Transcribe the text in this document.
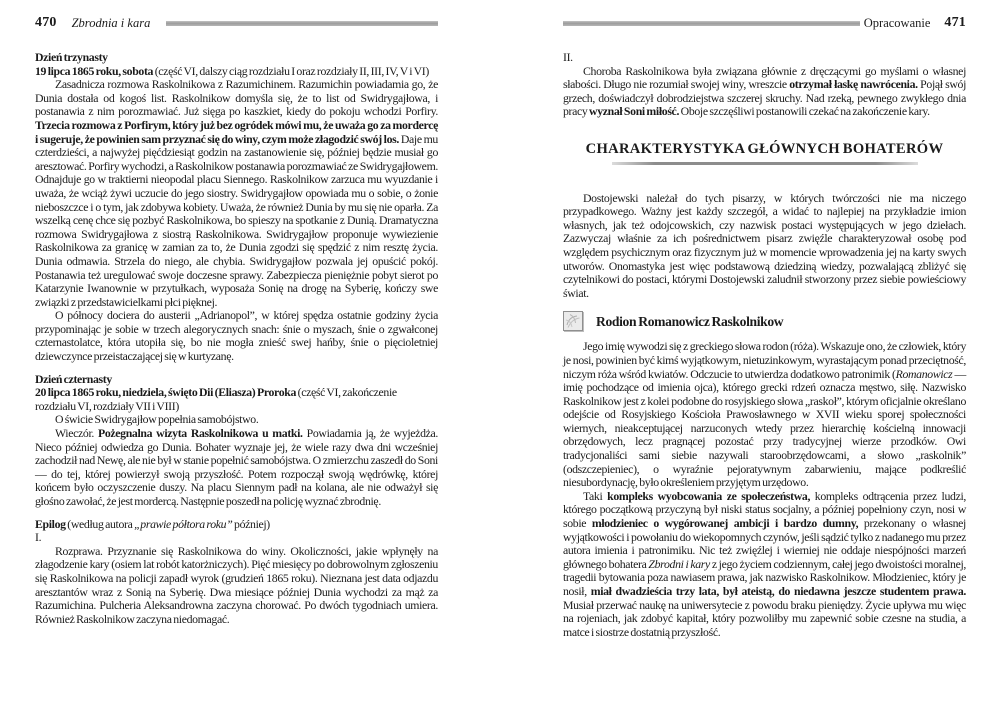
470 Zbrodnia i kara

Dzień trzynasty

19 lipca 1865 roku, sobota (część VI, dalszy ciąg rozdziału I oraz rozdziały II, III, IV, V i VI)

Zasadnicza rozmowa Raskolnikowa z Razumichinem. Razumichin powiadamia go, że Dunia dostała od kogoś list. Raskolnikow domyśla się, że to list od Swidrygajłowa, i postanawia z nim porozmawiać. Już sięga po kaszkiet, kiedy do pokoju wchodzi Porfiry. Trzecia rozmowa z Porfirym, który już bez ogródek mówi mu, że uważa go za mordercę i sugeruje, że powinien sam przyznać się do winy, czym może złagodzić swój los. Daje mu czterdzieści, a najwyżej pięćdziesiąt godzin na zastanowienie się, później będzie musiał go aresztować. Porfiry wychodzi, a Raskolnikow postanawia porozmawiać ze Swidrygajłowem. Odnajduje go w traktierni nieopodal placu Siennego. Raskolnikow zarzuca mu wyuzdanie i uważa, że wciąż żywi uczucie do jego siostry. Swidrygajłow opowiada mu o sobie, o żonie nieboszczce i o tym, jak zdobywa kobiety. Uważa, że również Dunia by mu się nie oparła. Za wszelką cenę chce się pozbyć Raskolnikowa, bo spieszy na spotkanie z Dunią. Dramatyczna rozmowa Swidrygajłowa z siostrą Raskolnikowa. Swidrygajłow proponuje wywiezienie Raskolnikowa za granicę w zamian za to, że Dunia zgodzi się spędzić z nim resztę życia. Dunia odmawia. Strzela do niego, ale chybia. Swidrygajłow pozwala jej opuścić pokój. Postanawia też uregulować swoje doczesne sprawy. Zabezpiecza pieniężnie pobyt sierot po Katarzynie Iwanownie w przytułkach, wyposaża Sonię na drogę na Syberię, kończy swe związki z przedstawicielkami płci pięknej.

O północy dociera do austerii „Adrianopol”, w której spędza ostatnie godziny życia przypominając je sobie w trzech alegorycznych snach: śnie o myszach, śnie o zgwałconej czternastolatce, która utopiła się, bo nie mogła znieść swej hańby, śnie o pięcioletniej dziewczynce przeistaczającej się w kurtyzanę.

Dzień czternasty

20 lipca 1865 roku, niedziela, święto Dii (Eliasza) Proroka (część VI, zakończenie rozdziału VI, rozdziały VII i VIII)

O świcie Swidrygajłow popełnia samobójstwo.

Wieczór. Pożegnalna wizyta Raskolnikowa u matki. Powiadamia ją, że wyjeżdża. Nieco później odwiedza go Dunia. Bohater wyznaje jej, że wiele razy dwa dni wcześniej zachodził nad Newę, ale nie był w stanie popełnić samobójstwa. O zmierzchu zaszedł do Soni — do tej, której powierzył swoją przyszłość. Potem rozpoczął swoją wędrówkę, której końcem było oczyszczenie duszy. Na placu Siennym padł na kolana, ale nie odważył się głośno zawołać, że jest mordercą. Następnie poszedł na policję wyznać zbrodnię.

Epilog (według autora „prawie półtora roku” później)

I.

Rozprawa. Przyznanie się Raskolnikowa do winy. Okoliczności, jakie wpłynęły na złagodzenie kary (osiem lat robót katorżniczych). Pięć miesięcy po dobrowolnym zgłoszeniu się Raskolnikowa na policji zapadł wyrok (grudzień 1865 roku). Nieznana jest data odjazdu aresztantów wraz z Sonią na Syberię. Dwa miesiące później Dunia wychodzi za mąż za Razumichina. Pulcheria Aleksandrowna zaczyna chorować. Po dwóch tygodniach umiera. Również Raskolnikow zaczyna niedomagać.

Opracowanie 471

II.

Choroba Raskolnikowa była związana głównie z dręczącymi go myślami o własnej słabości. Długo nie rozumiał swojej winy, wreszcie otrzymał łaskę nawrócenia. Pojął swój grzech, doświadczył dobrodziejstwa szczerej skruchy. Nad rzeką, pewnego zwykłego dnia pracy wyznał Soni miłość. Oboje szczęśliwi postanowili czekać na zakończenie kary.

CHARAKTERYSTYKA GŁÓWNYCH BOHATERÓW

Dostojewski należał do tych pisarzy, w których twórczości nie ma niczego przypadkowego. Ważny jest każdy szczegół, a widać to najlepiej na przykładzie imion własnych, jak też odojcowskich, czy nazwisk postaci występujących w jego dziełach. Zazwyczaj właśnie za ich pośrednictwem pisarz zwięźle charakteryzował osobę pod względem psychicznym oraz fizycznym już w momencie wprowadzenia jej na karty swych utworów. Onomastyka jest więc podstawową dziedziną wiedzy, pozwalającą zbliżyć się czytelnikowi do postaci, którymi Dostojewski zaludnił stworzony przez siebie powieściowy świat.

Rodion Romanowicz Raskolnikow

Jego imię wywodzi się z greckiego słowa rodon (róża). Wskazuje ono, że człowiek, który je nosi, powinien być kimś wyjątkowym, nietuzinkowym, wyrastającym ponad przeciętność, niczym róża wśród kwiatów. Odczucie to utwierdza dodatkowo patronimik (Romanowicz — imię pochodzące od imienia ojca), którego grecki rdzeń oznacza męstwo, siłę. Nazwisko Raskolnikow jest z kolei podobne do rosyjskiego słowa „raskoł”, którym oficjalnie określano odejście od Rosyjskiego Kościoła Prawosławnego w XVII wieku sporej społeczności wiernych, nieakceptującej narzuconych wtedy przez hierarchię kościelną innowacji obrzędowych, lecz pragnącej pozostać przy tradycyjnej wierze przodków. Owi tradycjonaliści sami siebie nazywali staroobrzędowcami, a słowo „raskolnik” (odszczepieniec), o wyraźnie pejoratywnym zabarwieniu, mające podkreślić niesubordynację, było określeniem przyjętym urzędowo.

Taki kompleks wyobcowania ze społeczeństwa, kompleks odtrącenia przez ludzi, którego początkową przyczyną był niski status socjalny, a później popełniony czyn, nosi w sobie młodzieniec o wygórowanej ambicji i bardzo dumny, przekonany o własnej wyjątkowości i powołaniu do wiekopomnych czynów, jeśli sądzić tylko z nadanego mu przez autora imienia i patronimiku. Nic też zwięźlej i wierniej nie oddaje niespójności marzeń głównego bohatera Zbrodni i kary z jego życiem codziennym, całej jego dwoistości moralnej, tragedii bytowania poza nawiasem prawa, jak nazwisko Raskolnikow. Młodzieniec, który je nosił, miał dwadzieścia trzy lata, był ateistą, do niedawna jeszcze studentem prawa. Musiał przerwać naukę na uniwersytecie z powodu braku pieniędzy. Życie upływa mu więc na rojeniach, jak zdobyć kapitał, który pozwoliłby mu zapewnić sobie czesne na studia, a matce i siostrze dostatnią przyszłość.
